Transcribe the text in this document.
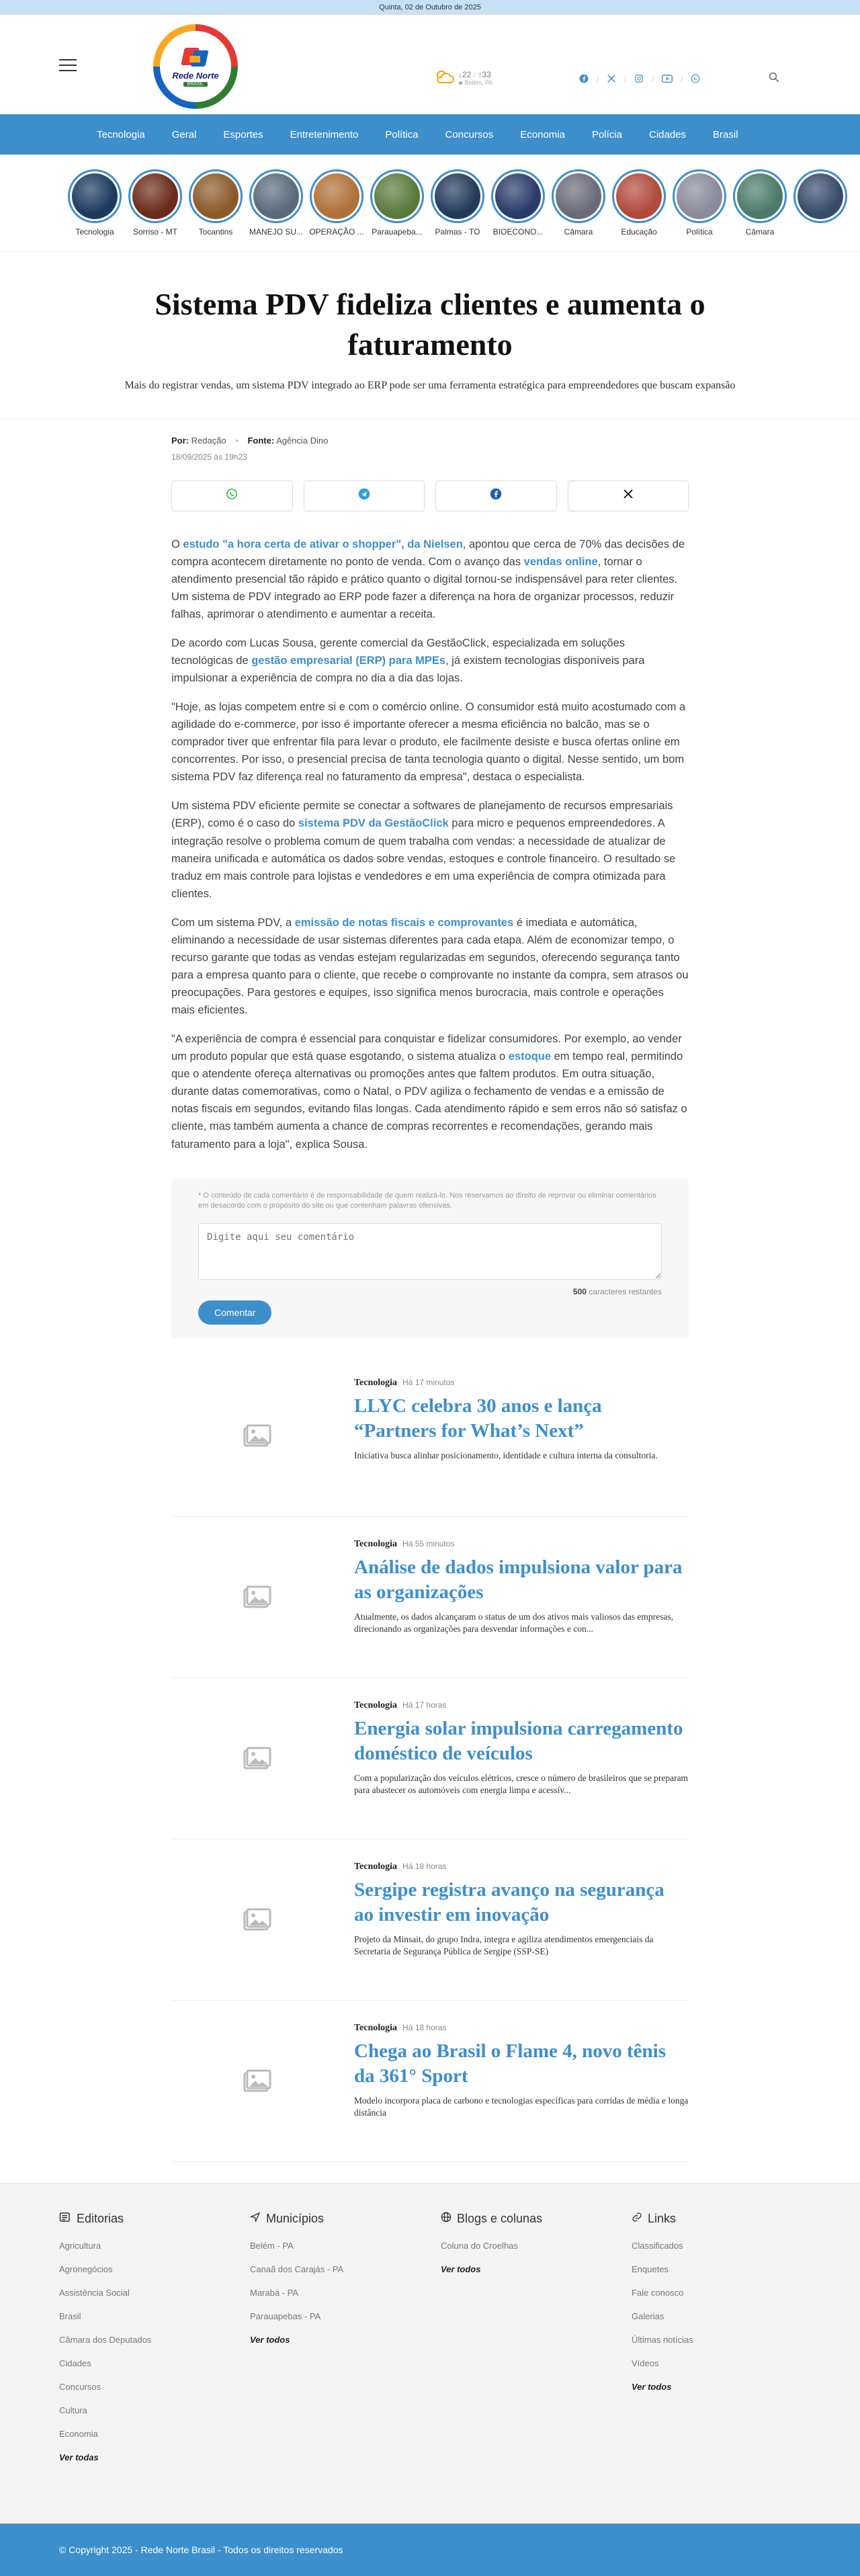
Quinta, 02 de Outubro de 2025
Rede Norte
BRASIL
↓22 / ↑33
◆ Belém, PA	/	/	/	/
Tecnologia	Geral	Esportes	Entretenimento	Política	Concursos	Economia	Polícia	Cidades	Brasil
Tecnologia Sorriso - MT	Tocantins MANEJO SU... OPERAÇÃO ... Parauapeba... Palmas - TO BIOECONO...	Câmara	Educação	Política	Câmara
Sistema PDV fideliza clientes e aumenta o faturamento
Mais do registrar vendas, um sistema PDV integrado ao ERP pode ser uma ferramenta estratégica para empreendedores que buscam expansão
Por: Redação • Fonte: Agência Dino
18/09/2025 às 19h23

O estudo "a hora certa de ativar o shopper", da Nielsen, apontou que cerca de 70% das decisões de compra acontecem diretamente no ponto de venda. Com o avanço das vendas online, tornar o atendimento presencial tão rápido e prático quanto o digital tornou-se indispensável para reter clientes. Um sistema de PDV integrado ao ERP pode fazer a diferença na hora de organizar processos, reduzir falhas, aprimorar o atendimento e aumentar a receita.

De acordo com Lucas Sousa, gerente comercial da GestãoClick, especializada em soluções tecnológicas de gestão empresarial (ERP) para MPEs, já existem tecnologias disponíveis para impulsionar a experiência de compra no dia a dia das lojas.

"Hoje, as lojas competem entre si e com o comércio online. O consumidor está muito acostumado com a agilidade do e-commerce, por isso é importante oferecer a mesma eficiência no balcão, mas se o comprador tiver que enfrentar fila para levar o produto, ele facilmente desiste e busca ofertas online em concorrentes. Por isso, o presencial precisa de tanta tecnologia quanto o digital. Nesse sentido, um bom sistema PDV faz diferença real no faturamento da empresa", destaca o especialista.

Um sistema PDV eficiente permite se conectar a softwares de planejamento de recursos empresariais (ERP), como é o caso do sistema PDV da GestãoClick para micro e pequenos empreendedores. A integração resolve o problema comum de quem trabalha com vendas: a necessidade de atualizar de maneira unificada e automática os dados sobre vendas, estoques e controle financeiro. O resultado se traduz em mais controle para lojistas e vendedores e em uma experiência de compra otimizada para clientes.

Com um sistema PDV, a emissão de notas fiscais e comprovantes é imediata e automática, eliminando a necessidade de usar sistemas diferentes para cada etapa. Além de economizar tempo, o recurso garante que todas as vendas estejam regularizadas em segundos, oferecendo segurança tanto para a empresa quanto para o cliente, que recebe o comprovante no instante da compra, sem atrasos ou preocupações. Para gestores e equipes, isso significa menos burocracia, mais controle e operações mais eficientes.

"A experiência de compra é essencial para conquistar e fidelizar consumidores. Por exemplo, ao vender um produto popular que está quase esgotando, o sistema atualiza o estoque em tempo real, permitindo que o atendente ofereça alternativas ou promoções antes que faltem produtos. Em outra situação, durante datas comemorativas, como o Natal, o PDV agiliza o fechamento de vendas e a emissão de notas fiscais em segundos, evitando filas longas. Cada atendimento rápido e sem erros não só satisfaz o cliente, mas também aumenta a chance de compras recorrentes e recomendações, gerando mais faturamento para a loja", explica Sousa.

* O conteúdo de cada comentário é de responsabilidade de quem realizá-lo. Nos reservamos ao direito de reprovar ou eliminar comentários em desacordo com o propósito do site ou que contenham palavras ofensivas.
Digite aqui seu comentário
500 caracteres restantes
Comentar
Tecnologia Há 17 minutos
LLYC celebra 30 anos e lança “Partners for What’s Next”
Iniciativa busca alinhar posicionamento, identidade e cultura interna da consultoria.
Tecnologia Há 55 minutos
Análise de dados impulsiona valor para as organizações
Atualmente, os dados alcançaram o status de um dos ativos mais valiosos das empresas, direcionando as organizações para desvendar informações e con...
Tecnologia Há 17 horas
Energia solar impulsiona carregamento doméstico de veículos
Com a popularização dos veículos elétricos, cresce o número de brasileiros que se preparam para abastecer os automóveis com energia limpa e acessív...
Tecnologia Há 18 horas
Sergipe registra avanço na segurança ao investir em inovação
Projeto da Minsait, do grupo Indra, integra e agiliza atendimentos emergenciais da Secretaria de Segurança Pública de Sergipe (SSP-SE)
Tecnologia Há 18 horas
Chega ao Brasil o Flame 4, novo tênis da 361° Sport
Modelo incorpora placa de carbono e tecnologias específicas para corridas de média e longa distância
Editorias
Agricultura
Agronegócios
Assistência Social
Brasil
Câmara dos Deputados
Cidades
Concursos
Cultura
Economia
Ver todas
Municípios
Belém - PA
Canaã dos Carajás - PA
Marabá - PA
Parauapebas - PA
Ver todos
Blogs e colunas
Coluna do Croelhas
Ver todos
Links
Classificados
Enquetes
Fale conosco
Galerias
Últimas notícias
Vídeos
Ver todos
© Copyright 2025 - Rede Norte Brasil - Todos os direitos reservados
